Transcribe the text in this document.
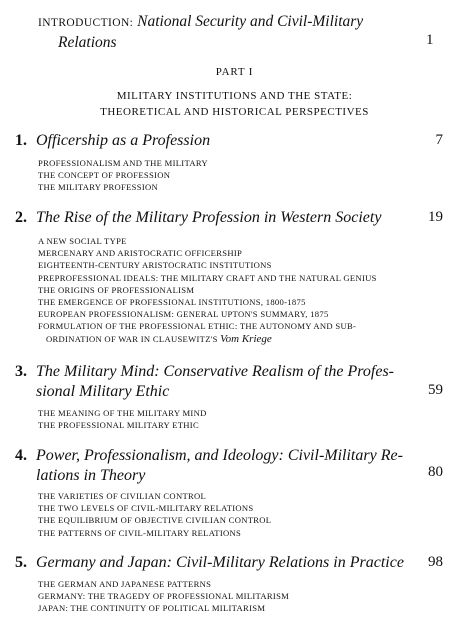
INTRODUCTION: National Security and Civil-Military
Relations	1
PART I
MILITARY INSTITUTIONS AND THE STATE:
THEORETICAL AND HISTORICAL PERSPECTIVES
1. Officership as a Profession	7
PROFESSIONALISM AND THE MILITARY
THE CONCEPT OF PROFESSION
THE MILITARY PROFESSION
2. The Rise of the Military Profession in Western Society	19
A NEW SOCIAL TYPE
MERCENARY AND ARISTOCRATIC OFFICERSHIP
EIGHTEENTH-CENTURY ARISTOCRATIC INSTITUTIONS
PREPROFESSIONAL IDEALS: THE MILITARY CRAFT AND THE NATURAL GENIUS
THE ORIGINS OF PROFESSIONALISM
THE EMERGENCE OF PROFESSIONAL INSTITUTIONS, 1800-1875
EUROPEAN PROFESSIONALISM: GENERAL UPTON'S SUMMARY, 1875
FORMULATION OF THE PROFESSIONAL ETHIC: THE AUTONOMY AND SUB-
ORDINATION OF WAR IN CLAUSEWITZ'S Vom Kriege
3. The Military Mind: Conservative Realism of the Profes-
sional Military Ethic	59
THE MEANING OF THE MILITARY MIND
THE PROFESSIONAL MILITARY ETHIC
4. Power, Professionalism, and Ideology: Civil-Military Re-
lations in Theory	80
THE VARIETIES OF CIVILIAN CONTROL
THE TWO LEVELS OF CIVIL-MILITARY RELATIONS
THE EQUILIBRIUM OF OBJECTIVE CIVILIAN CONTROL
THE PATTERNS OF CIVIL-MILITARY RELATIONS
5. Germany and Japan: Civil-Military Relations in Practice	98
THE GERMAN AND JAPANESE PATTERNS
GERMANY: THE TRAGEDY OF PROFESSIONAL MILITARISM
JAPAN: THE CONTINUITY OF POLITICAL MILITARISM
